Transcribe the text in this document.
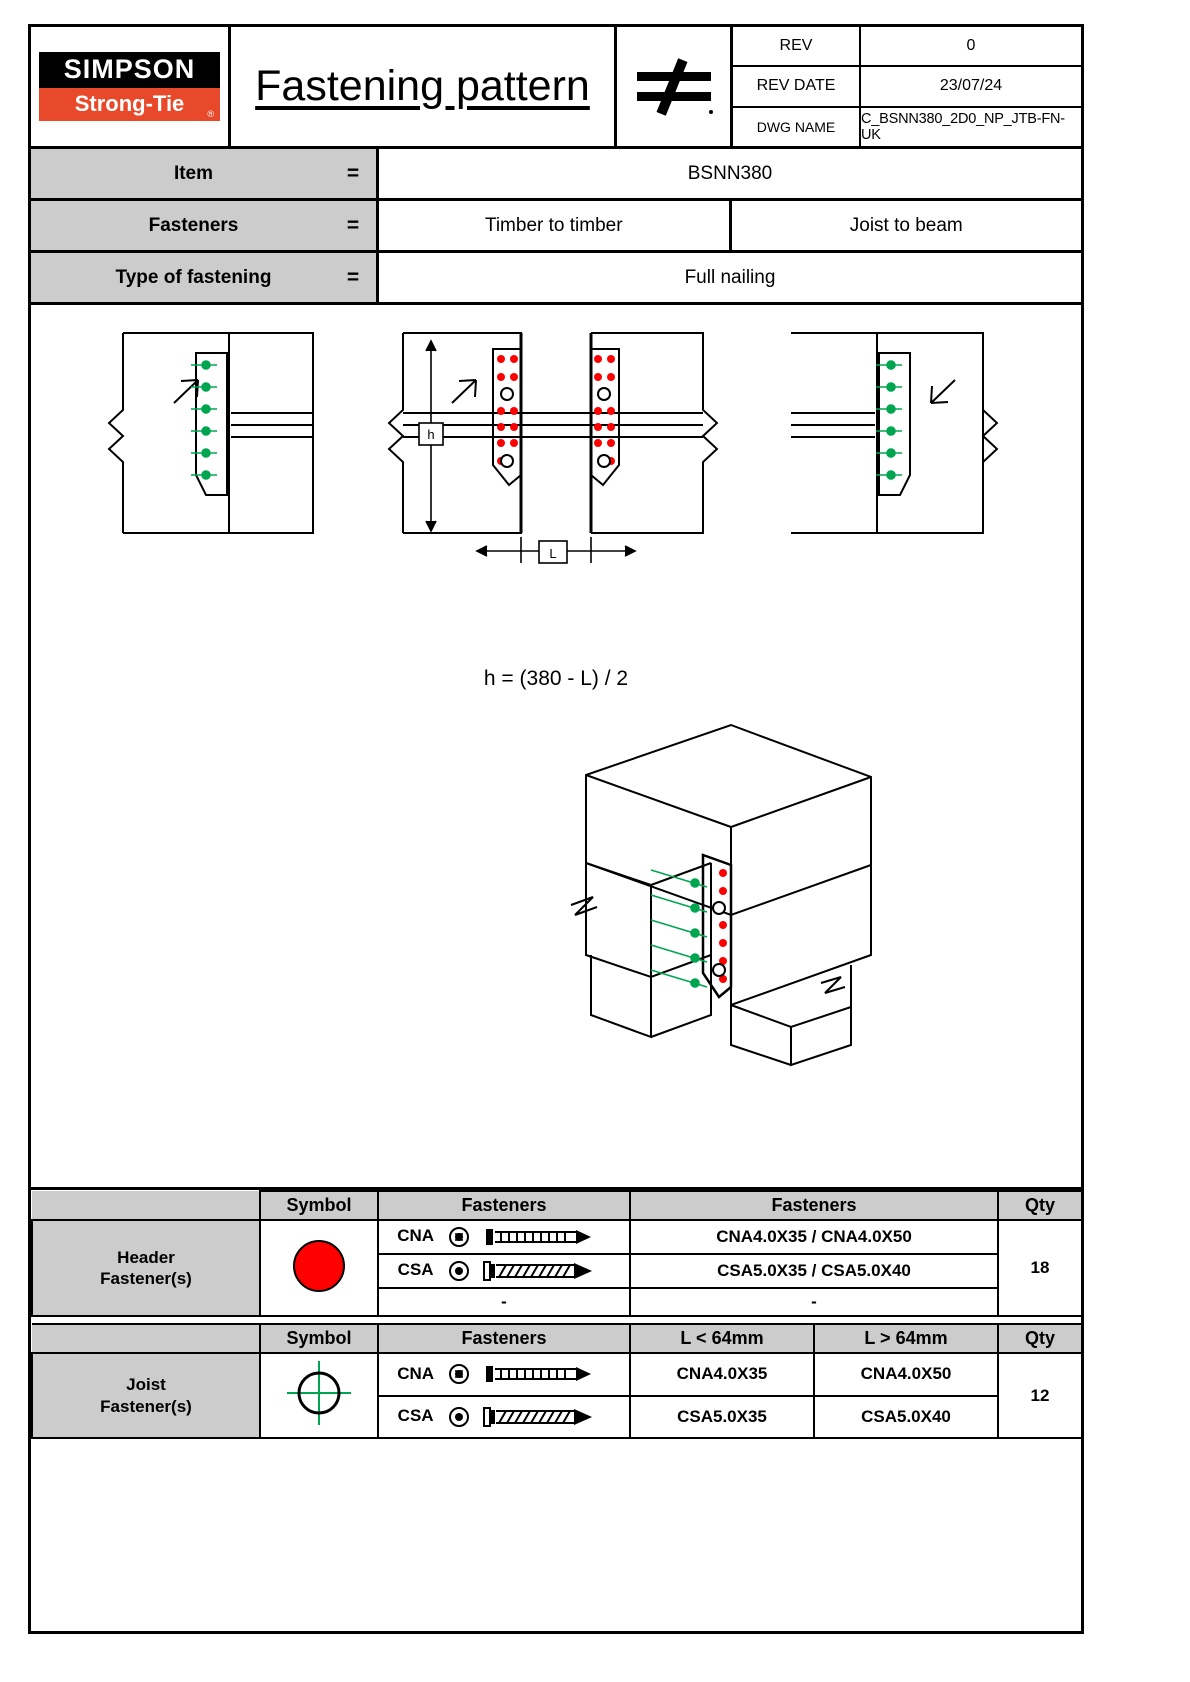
SIMPSON
Strong-Tie	®
Fastening pattern
REV	0
REV DATE	23/07/24
DWG NAME	C_BSNN380_2D0_NP_JTB-FN-UK
Item	=	BSNN380
Fasteners	=	Timber to timber	Joist to beam
Type of fastening	=	Full nailing
h
L
h = (380 - L) / 2
	Symbol	Fasteners	Fasteners	Qty
Header
Fastener(s)		CNA	CNA4.0X35 / CNA4.0X50	18
		CSA	CSA5.0X35 / CSA5.0X40	
		-	-	
	Symbol	Fasteners	L < 64mm	L > 64mm	Qty
Joist
Fastener(s)		CNA	CNA4.0X35	CNA4.0X50	12
		CSA	CSA5.0X35	CSA5.0X40	
